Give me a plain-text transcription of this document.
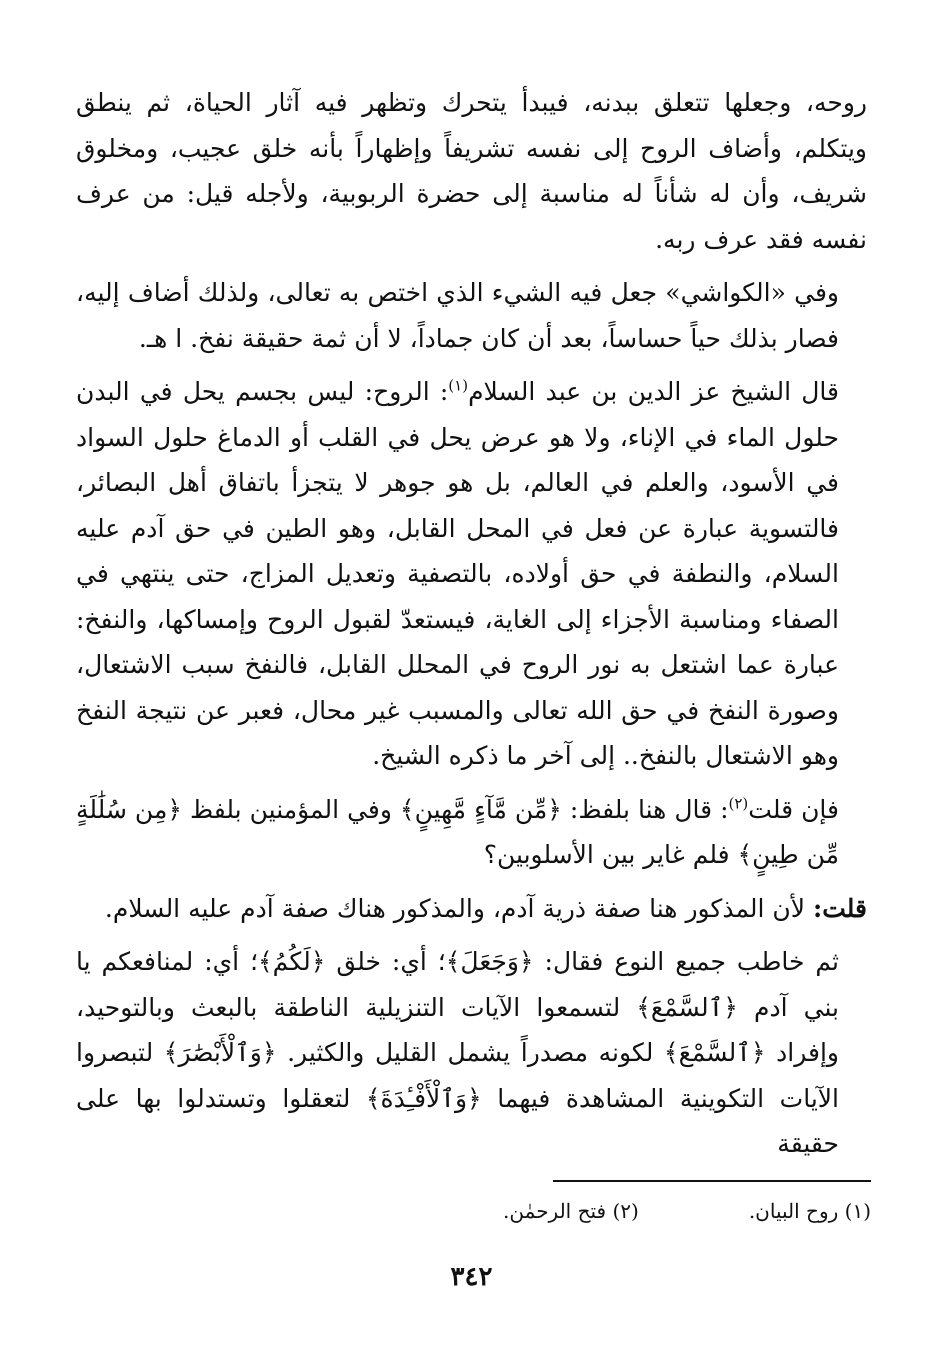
روحه، وجعلها تتعلق ببدنه، فيبدأ يتحرك وتظهر فيه آثار الحياة، ثم ينطق ويتكلم، وأضاف الروح إلى نفسه تشريفاً وإظهاراً بأنه خلق عجيب، ومخلوق شريف، وأن له شأناً له مناسبة إلى حضرة الربوبية، ولأجله قيل: من عرف نفسه فقد عرف ربه.

وفي «الكواشي» جعل فيه الشيء الذي اختص به تعالى، ولذلك أضاف إليه، فصار بذلك حياً حساساً، بعد أن كان جماداً، لا أن ثمة حقيقة نفخ. ا هـ.

قال الشيخ عز الدين بن عبد السلام$^{(١)}$: الروح: ليس بجسم يحل في البدن حلول الماء في الإناء، ولا هو عرض يحل في القلب أو الدماغ حلول السواد في الأسود، والعلم في العالم، بل هو جوهر لا يتجزأ باتفاق أهل البصائر، فالتسوية عبارة عن فعل في المحل القابل، وهو الطين في حق آدم عليه السلام، والنطفة في حق أولاده، بالتصفية وتعديل المزاج، حتى ينتهي في الصفاء ومناسبة الأجزاء إلى الغاية، فيستعدّ لقبول الروح وإمساكها، والنفخ: عبارة عما اشتعل به نور الروح في المحلل القابل، فالنفخ سبب الاشتعال، وصورة النفخ في حق الله تعالى والمسبب غير محال، فعبر عن نتيجة النفخ وهو الاشتعال بالنفخ.. إلى آخر ما ذكره الشيخ.

فإن قلت$^{(٢)}$: قال هنا بلفظ: ﴿مِّن مَّآءٍ مَّهِينٍ﴾ وفي المؤمنين بلفظ ﴿مِن سُلَٰلَةٍ مِّن طِينٍ﴾ فلم غاير بين الأسلوبين؟

قلت: لأن المذكور هنا صفة ذرية آدم، والمذكور هناك صفة آدم عليه السلام.

ثم خاطب جميع النوع فقال: ﴿وَجَعَلَ﴾؛ أي: خلق ﴿لَكُمُ﴾؛ أي: لمنافعكم يا بني آدم ﴿ٱلسَّمْعَ﴾ لتسمعوا الآيات التنزيلية الناطقة بالبعث وبالتوحيد، وإفراد ﴿ٱلسَّمْعَ﴾ لكونه مصدراً يشمل القليل والكثير. ﴿وَٱلْأَبْصَٰرَ﴾ لتبصروا الآيات التكوينية المشاهدة فيهما ﴿وَٱلْأَفْـِٔدَةَ﴾ لتعقلوا وتستدلوا بها على حقيقة

(١) روح البيان.
(٢) فتح الرحمٰن.
٣٤٢
